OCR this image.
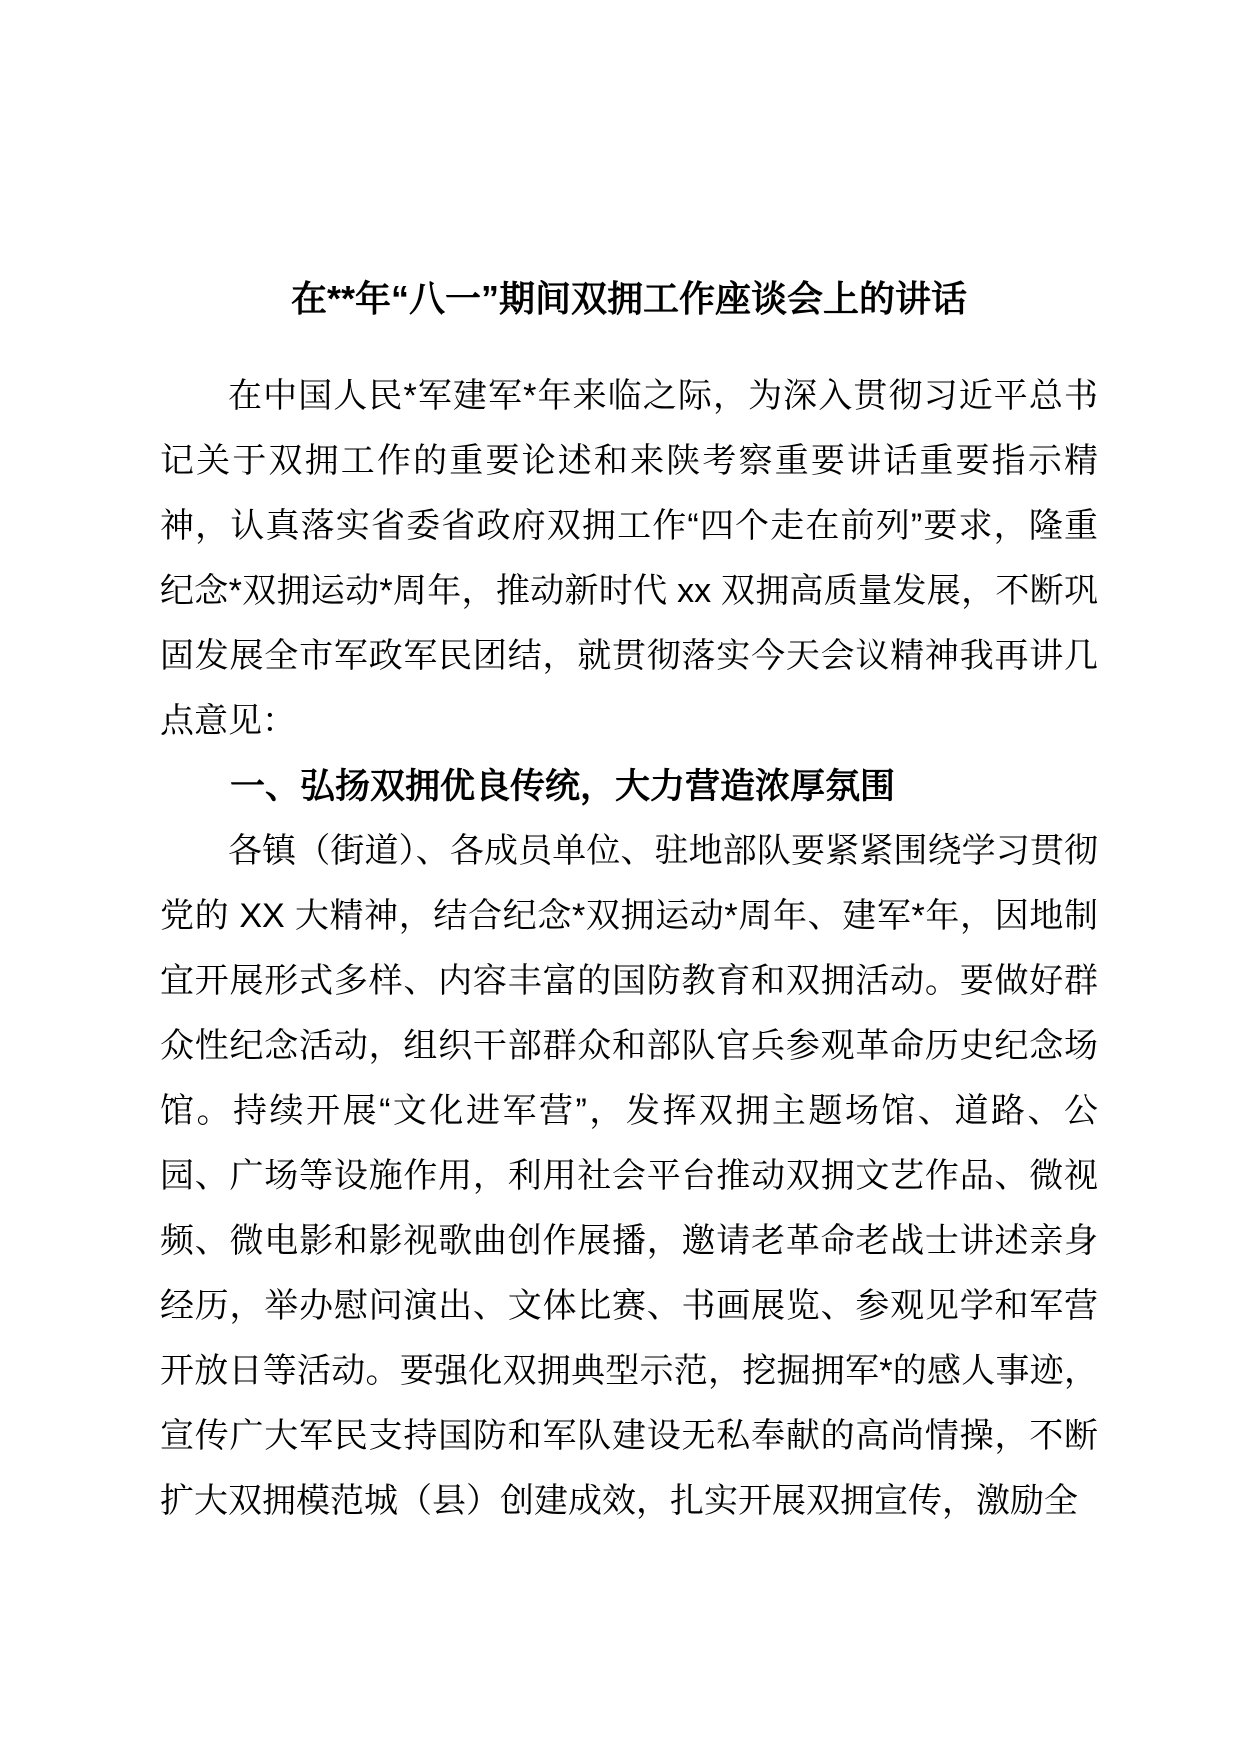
在**年“八一”期间双拥工作座谈会上的讲话

在中国人民*军建军*年来临之际，为深入贯彻习近平总书记关于双拥工作的重要论述和来陕考察重要讲话重要指示精神，认真落实省委省政府双拥工作“四个走在前列”要求，隆重纪念*双拥运动*周年，推动新时代 xx 双拥高质量发展，不断巩固发展全市军政军民团结，就贯彻落实今天会议精神我再讲几点意见：

一、弘扬双拥优良传统，大力营造浓厚氛围

各镇（街道）、各成员单位、驻地部队要紧紧围绕学习贯彻党的 XX 大精神，结合纪念*双拥运动*周年、建军*年，因地制宜开展形式多样、内容丰富的国防教育和双拥活动。要做好群众性纪念活动，组织干部群众和部队官兵参观革命历史纪念场馆。持续开展“文化进军营”，发挥双拥主题场馆、道路、公园、广场等设施作用，利用社会平台推动双拥文艺作品、微视频、微电影和影视歌曲创作展播，邀请老革命老战士讲述亲身经历，举办慰问演出、文体比赛、书画展览、参观见学和军营开放日等活动。要强化双拥典型示范，挖掘拥军*的感人事迹，宣传广大军民支持国防和军队建设无私奉献的高尚情操，不断扩大双拥模范城（县）创建成效，扎实开展双拥宣传，激励全
